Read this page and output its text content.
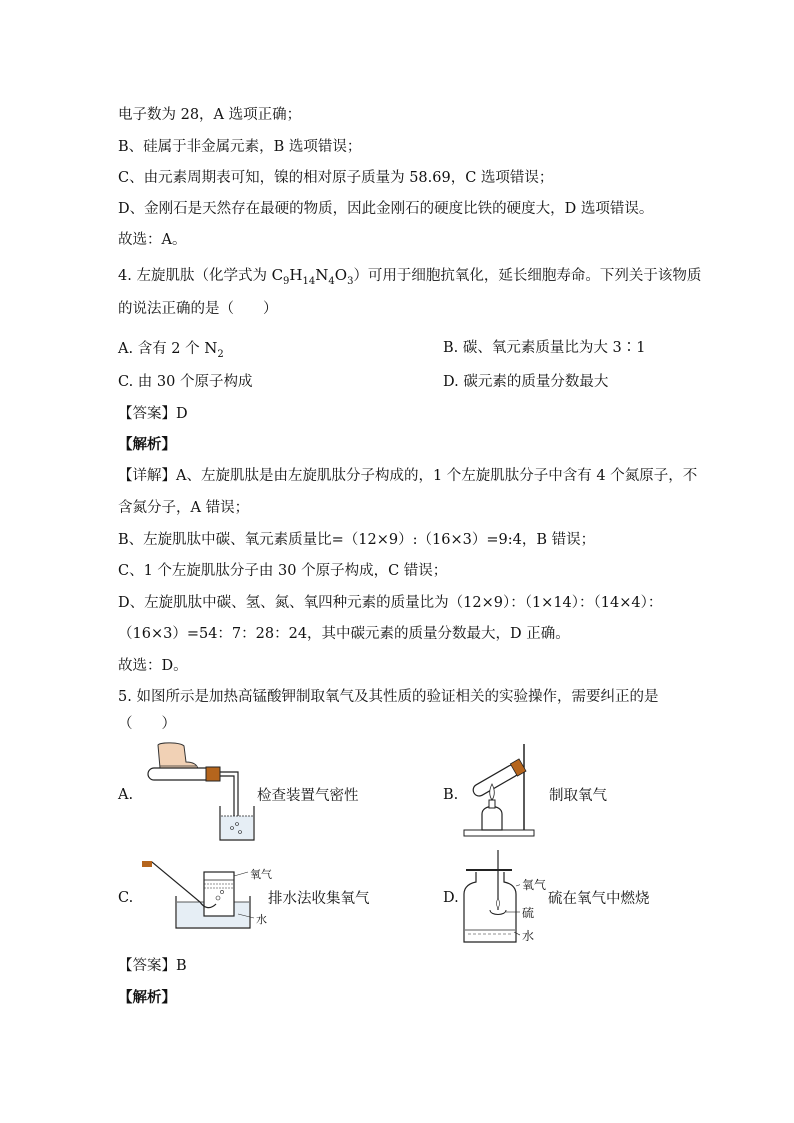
电子数为 28，A 选项正确；
B、硅属于非金属元素，B 选项错误；
C、由元素周期表可知，镍的相对原子质量为 58.69，C 选项错误；
D、金刚石是天然存在最硬的物质，因此金刚石的硬度比铁的硬度大，D 选项错误。
故选：A。
4. 左旋肌肽（化学式为 $C_9H_{14}N_4O_3$）可用于细胞抗氧化，延长细胞寿命。下列关于该物质
的说法正确的是（　　）
A. 含有 2 个 $N_2$	B. 碳、氧元素质量比为大 3∶1
C. 由 30 个原子构成	D. 碳元素的质量分数最大
【答案】D
【解析】
【详解】A、左旋肌肽是由左旋肌肽分子构成的，1 个左旋肌肽分子中含有 4 个氮原子，不
含氮分子，A 错误；
B、左旋肌肽中碳、氧元素质量比=（12×9）:（16×3）=9:4，B 错误；
C、1 个左旋肌肽分子由 30 个原子构成，C 错误；
D、左旋肌肽中碳、氢、氮、氧四种元素的质量比为（12×9）：（1×14）：（14×4）：
（16×3）=54：7：28：24，其中碳元素的质量分数最大，D 正确。
故选：D。
5. 如图所示是加热高锰酸钾制取氧气及其性质的验证相关的实验操作，需要纠正的是
（　　）
A.	检查装置气密性	B.	制取氧气
C.
氧气
水
排水法收集氧气	D.
氧气
硫
水
硫在氧气中燃烧
【答案】B
【解析】
